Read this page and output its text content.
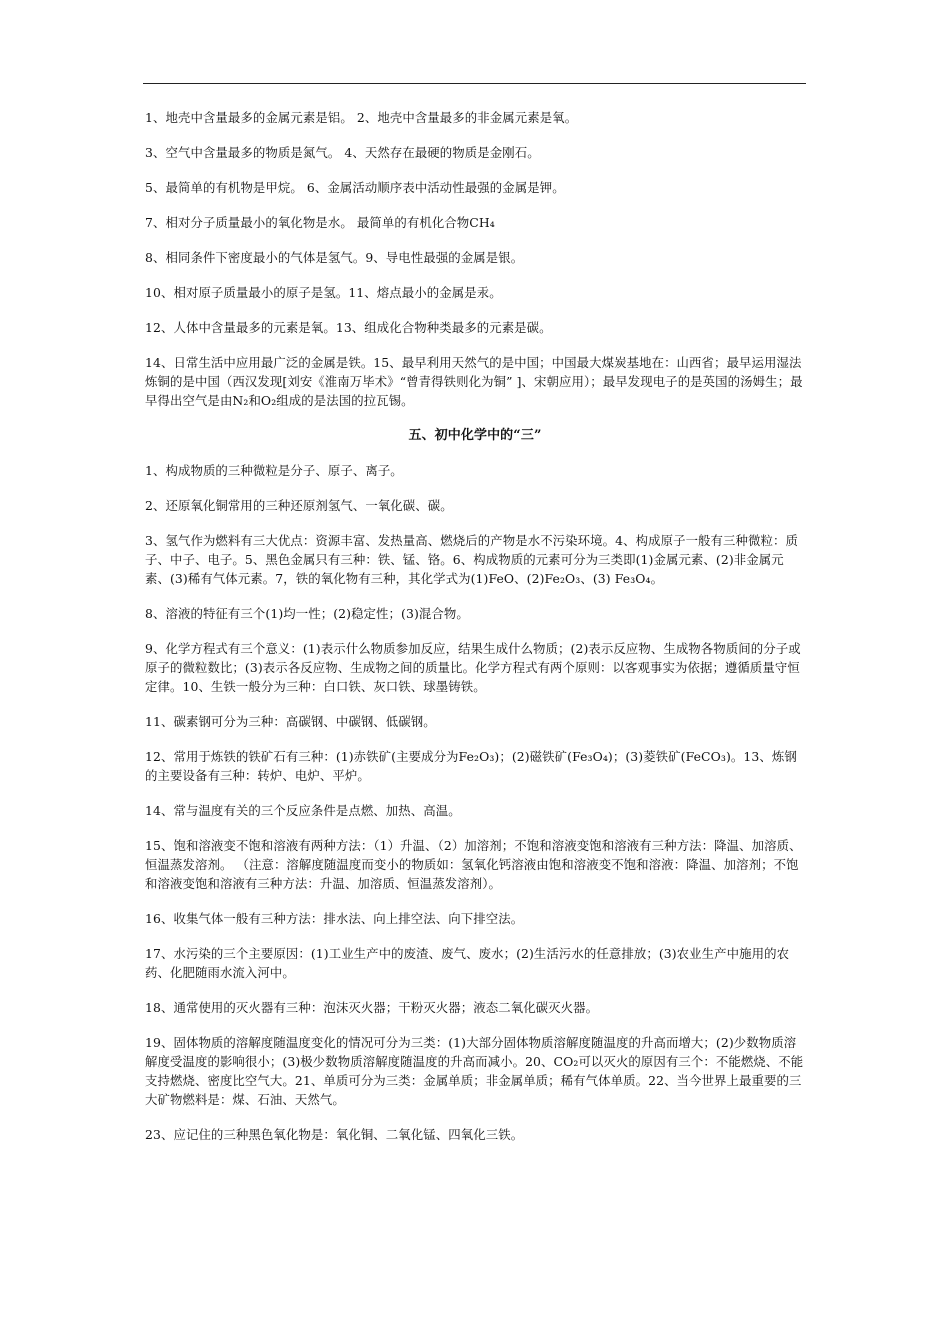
1、地壳中含量最多的金属元素是铝。 2、地壳中含量最多的非金属元素是氧。

3、空气中含量最多的物质是氮气。 4、天然存在最硬的物质是金刚石。

5、最简单的有机物是甲烷。 6、金属活动顺序表中活动性最强的金属是钾。

7、相对分子质量最小的氧化物是水。 最简单的有机化合物CH₄

8、相同条件下密度最小的气体是氢气。9、导电性最强的金属是银。

10、相对原子质量最小的原子是氢。11、熔点最小的金属是汞。

12、人体中含量最多的元素是氧。13、组成化合物种类最多的元素是碳。

14、日常生活中应用最广泛的金属是铁。15、最早利用天然气的是中国；中国最大煤炭基地在：山西省；最早运用湿法炼铜的是中国（西汉发现[刘安《淮南万毕术》“曾青得铁则化为铜” ]、宋朝应用）；最早发现电子的是英国的汤姆生；最早得出空气是由N₂和O₂组成的是法国的拉瓦锡。

五、初中化学中的“三”

1、构成物质的三种微粒是分子、原子、离子。

2、还原氧化铜常用的三种还原剂氢气、一氧化碳、碳。

3、氢气作为燃料有三大优点：资源丰富、发热量高、燃烧后的产物是水不污染环境。4、构成原子一般有三种微粒：质子、中子、电子。5、黑色金属只有三种：铁、锰、铬。6、构成物质的元素可分为三类即(1)金属元素、(2)非金属元素、(3)稀有气体元素。7，铁的氧化物有三种，其化学式为(1)FeO、(2)Fe₂O₃、(3) Fe₃O₄。

8、溶液的特征有三个(1)均一性；(2)稳定性；(3)混合物。

9、化学方程式有三个意义：(1)表示什么物质参加反应，结果生成什么物质；(2)表示反应物、生成物各物质间的分子或原子的微粒数比；(3)表示各反应物、生成物之间的质量比。化学方程式有两个原则：以客观事实为依据；遵循质量守恒定律。10、生铁一般分为三种：白口铁、灰口铁、球墨铸铁。

11、碳素钢可分为三种：高碳钢、中碳钢、低碳钢。

12、常用于炼铁的铁矿石有三种：(1)赤铁矿(主要成分为Fe₂O₃)；(2)磁铁矿(Fe₃O₄)；(3)菱铁矿(FeCO₃)。13、炼钢的主要设备有三种：转炉、电炉、平炉。

14、常与温度有关的三个反应条件是点燃、加热、高温。

15、饱和溶液变不饱和溶液有两种方法：（1）升温、（2）加溶剂；不饱和溶液变饱和溶液有三种方法：降温、加溶质、恒温蒸发溶剂。 （注意：溶解度随温度而变小的物质如：氢氧化钙溶液由饱和溶液变不饱和溶液：降温、加溶剂；不饱和溶液变饱和溶液有三种方法：升温、加溶质、恒温蒸发溶剂）。

16、收集气体一般有三种方法：排水法、向上排空法、向下排空法。

17、水污染的三个主要原因：(1)工业生产中的废渣、废气、废水；(2)生活污水的任意排放；(3)农业生产中施用的农药、化肥随雨水流入河中。

18、通常使用的灭火器有三种：泡沫灭火器；干粉灭火器；液态二氧化碳灭火器。

19、固体物质的溶解度随温度变化的情况可分为三类：(1)大部分固体物质溶解度随温度的升高而增大；(2)少数物质溶解度受温度的影响很小；(3)极少数物质溶解度随温度的升高而减小。20、CO₂可以灭火的原因有三个：不能燃烧、不能支持燃烧、密度比空气大。21、单质可分为三类：金属单质；非金属单质；稀有气体单质。22、当今世界上最重要的三大矿物燃料是：煤、石油、天然气。

23、应记住的三种黑色氧化物是：氧化铜、二氧化锰、四氧化三铁。
